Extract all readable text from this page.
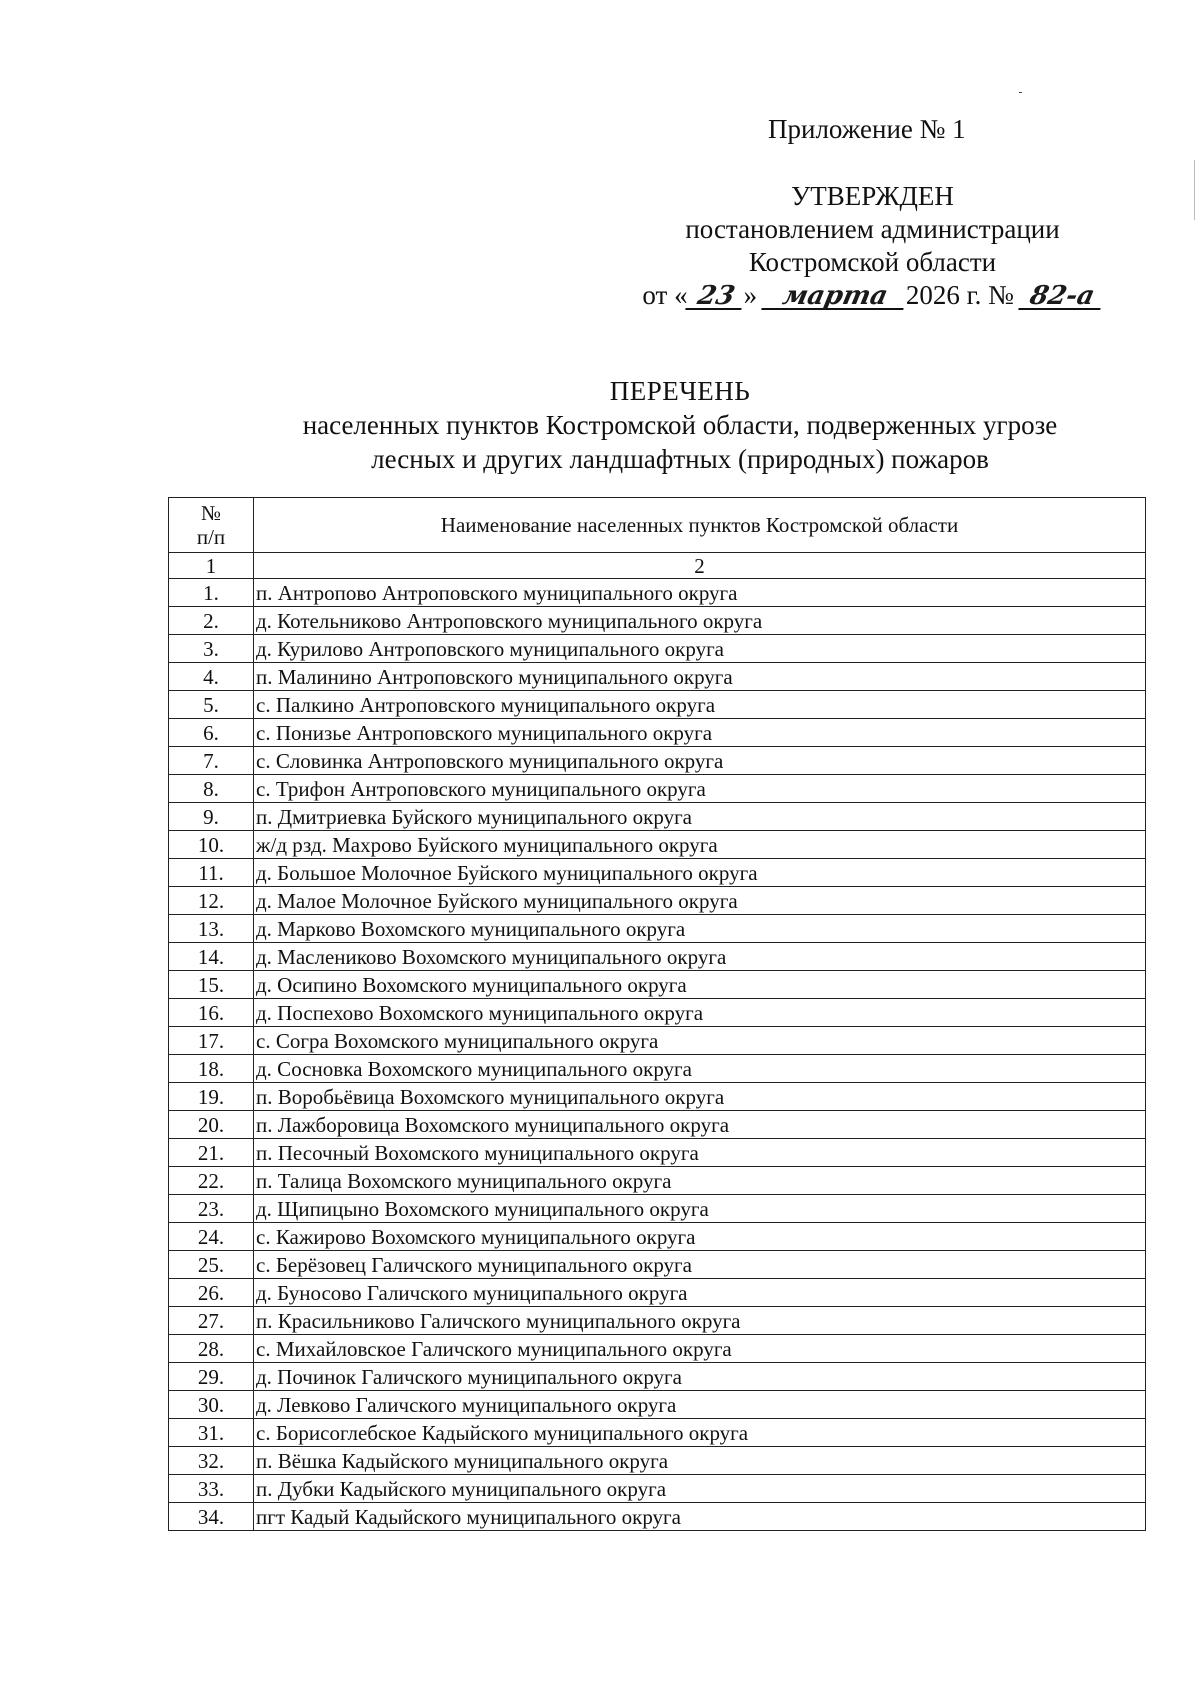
Приложение № 1
УТВЕРЖДЕН
постановлением администрации
Костромской области
от « 23 » марта 2026 г. № 82-а
ПЕРЕЧЕНЬ
населенных пунктов Костромской области, подверженных угрозе
лесных и других ландшафтных (природных) пожаров
№
п/п	Наименование населенных пунктов Костромской области
1	2
1.	п. Антропово Антроповского муниципального округа
2.	д. Котельниково Антроповского муниципального округа
3.	д. Курилово Антроповского муниципального округа
4.	п. Малинино Антроповского муниципального округа
5.	с. Палкино Антроповского муниципального округа
6.	с. Понизье Антроповского муниципального округа
7.	с. Словинка Антроповского муниципального округа
8.	с. Трифон Антроповского муниципального округа
9.	п. Дмитриевка Буйского муниципального округа
10.	ж/д рзд. Махрово Буйского муниципального округа
11.	д. Большое Молочное Буйского муниципального округа
12.	д. Малое Молочное Буйского муниципального округа
13.	д. Марково Вохомского муниципального округа
14.	д. Маслениково Вохомского муниципального округа
15.	д. Осипино Вохомского муниципального округа
16.	д. Поспехово Вохомского муниципального округа
17.	с. Согра Вохомского муниципального округа
18.	д. Сосновка Вохомского муниципального округа
19.	п. Воробьёвица Вохомского муниципального округа
20.	п. Лажборовица Вохомского муниципального округа
21.	п. Песочный Вохомского муниципального округа
22.	п. Талица Вохомского муниципального округа
23.	д. Щипицыно Вохомского муниципального округа
24.	с. Кажирово Вохомского муниципального округа
25.	с. Берёзовец Галичского муниципального округа
26.	д. Буносово Галичского муниципального округа
27.	п. Красильниково Галичского муниципального округа
28.	с. Михайловское Галичского муниципального округа
29.	д. Починок Галичского муниципального округа
30.	д. Левково Галичского муниципального округа
31.	с. Борисоглебское Кадыйского муниципального округа
32.	п. Вёшка Кадыйского муниципального округа
33.	п. Дубки Кадыйского муниципального округа
34.	пгт Кадый Кадыйского муниципального округа
